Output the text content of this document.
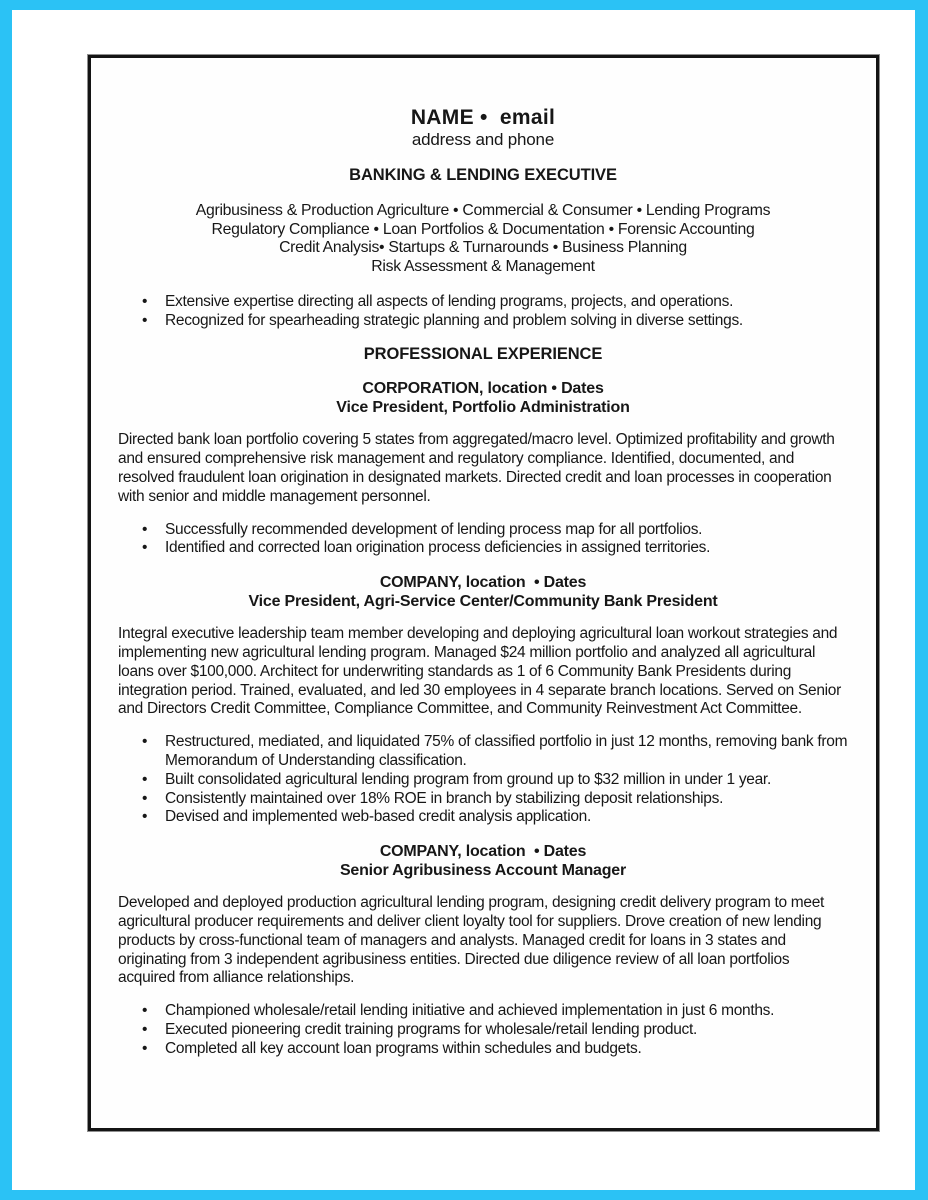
NAME •  email
address and phone
BANKING & LENDING EXECUTIVE
Agribusiness & Production Agriculture • Commercial & Consumer • Lending Programs
Regulatory Compliance • Loan Portfolios & Documentation • Forensic Accounting
Credit Analysis• Startups & Turnarounds • Business Planning
Risk Assessment & Management
• Extensive expertise directing all aspects of lending programs, projects, and operations.
• Recognized for spearheading strategic planning and problem solving in diverse settings.
PROFESSIONAL EXPERIENCE
CORPORATION, location • Dates
Vice President, Portfolio Administration
Directed bank loan portfolio covering 5 states from aggregated/macro level. Optimized profitability and growth and ensured comprehensive risk management and regulatory compliance. Identified, documented, and resolved fraudulent loan origination in designated markets. Directed credit and loan processes in cooperation with senior and middle management personnel.
• Successfully recommended development of lending process map for all portfolios.
• Identified and corrected loan origination process deficiencies in assigned territories.
COMPANY, location  • Dates
Vice President, Agri-Service Center/Community Bank President
Integral executive leadership team member developing and deploying agricultural loan workout strategies and implementing new agricultural lending program. Managed $24 million portfolio and analyzed all agricultural loans over $100,000. Architect for underwriting standards as 1 of 6 Community Bank Presidents during integration period. Trained, evaluated, and led 30 employees in 4 separate branch locations. Served on Senior and Directors Credit Committee, Compliance Committee, and Community Reinvestment Act Committee.
• Restructured, mediated, and liquidated 75% of classified portfolio in just 12 months, removing bank from Memorandum of Understanding classification.
• Built consolidated agricultural lending program from ground up to $32 million in under 1 year.
• Consistently maintained over 18% ROE in branch by stabilizing deposit relationships.
• Devised and implemented web-based credit analysis application.
COMPANY, location  • Dates
Senior Agribusiness Account Manager
Developed and deployed production agricultural lending program, designing credit delivery program to meet agricultural producer requirements and deliver client loyalty tool for suppliers. Drove creation of new lending products by cross-functional team of managers and analysts. Managed credit for loans in 3 states and originating from 3 independent agribusiness entities. Directed due diligence review of all loan portfolios acquired from alliance relationships.
• Championed wholesale/retail lending initiative and achieved implementation in just 6 months.
• Executed pioneering credit training programs for wholesale/retail lending product.
• Completed all key account loan programs within schedules and budgets.
